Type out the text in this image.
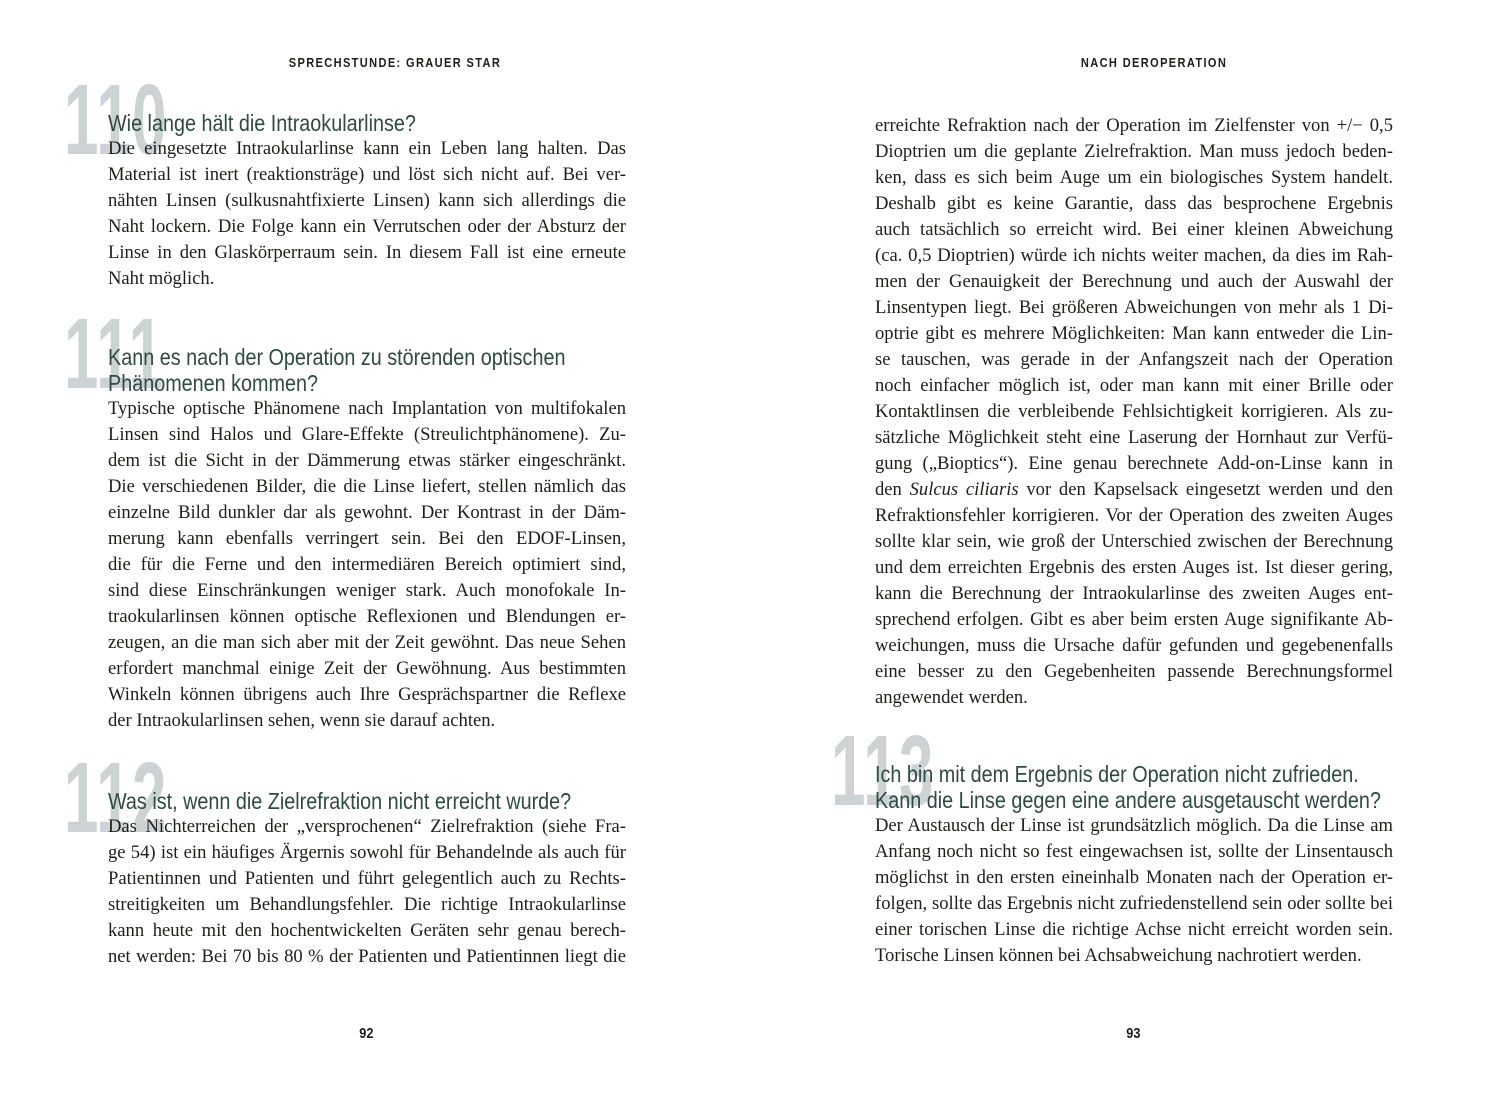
SPRECHSTUNDE: GRAUER STAR	NACH DEROPERATION
110
Wie lange hält die Intraokularlinse?
Die eingesetzte Intraokularlinse kann ein Leben lang halten. Das
Material ist inert (reaktionsträge) und löst sich nicht auf. Bei ver-
nähten Linsen (sulkusnahtfixierte Linsen) kann sich allerdings die
Naht lockern. Die Folge kann ein Verrutschen oder der Absturz der
Linse in den Glaskörperraum sein. In diesem Fall ist eine erneute
Naht möglich.
111
Kann es nach der Operation zu störenden optischen
Phänomenen kommen?
Typische optische Phänomene nach Implantation von multifokalen
Linsen sind Halos und Glare-Effekte (Streulichtphänomene). Zu-
dem ist die Sicht in der Dämmerung etwas stärker eingeschränkt.
Die verschiedenen Bilder, die die Linse liefert, stellen nämlich das
einzelne Bild dunkler dar als gewohnt. Der Kontrast in der Däm-
merung kann ebenfalls verringert sein. Bei den EDOF-Linsen,
die für die Ferne und den intermediären Bereich optimiert sind,
sind diese Einschränkungen weniger stark. Auch monofokale In-
traokularlinsen können optische Reflexionen und Blendungen er-
zeugen, an die man sich aber mit der Zeit gewöhnt. Das neue Sehen
erfordert manchmal einige Zeit der Gewöhnung. Aus bestimmten
Winkeln können übrigens auch Ihre Gesprächspartner die Reflexe
der Intraokularlinsen sehen, wenn sie darauf achten.
112
Was ist, wenn die Zielrefraktion nicht erreicht wurde?
Das Nichterreichen der „versprochenen“ Zielrefraktion (siehe Fra-
ge 54) ist ein häufiges Ärgernis sowohl für Behandelnde als auch für
Patientinnen und Patienten und führt gelegentlich auch zu Rechts-
streitigkeiten um Behandlungsfehler. Die richtige Intraokularlinse
kann heute mit den hochentwickelten Geräten sehr genau berech-
net werden: Bei 70 bis 80 % der Patienten und Patientinnen liegt die
erreichte Refraktion nach der Operation im Zielfenster von +/− 0,5
Dioptrien um die geplante Zielrefraktion. Man muss jedoch beden-
ken, dass es sich beim Auge um ein biologisches System handelt.
Deshalb gibt es keine Garantie, dass das besprochene Ergebnis
auch tatsächlich so erreicht wird. Bei einer kleinen Abweichung
(ca. 0,5 Dioptrien) würde ich nichts weiter machen, da dies im Rah-
men der Genauigkeit der Berechnung und auch der Auswahl der
Linsentypen liegt. Bei größeren Abweichungen von mehr als 1 Di-
optrie gibt es mehrere Möglichkeiten: Man kann entweder die Lin-
se tauschen, was gerade in der Anfangszeit nach der Operation
noch einfacher möglich ist, oder man kann mit einer Brille oder
Kontaktlinsen die verbleibende Fehlsichtigkeit korrigieren. Als zu-
sätzliche Möglichkeit steht eine Laserung der Hornhaut zur Verfü-
gung („Bioptics“). Eine genau berechnete Add-on-Linse kann in
den Sulcus ciliaris vor den Kapselsack eingesetzt werden und den
Refraktionsfehler korrigieren. Vor der Operation des zweiten Auges
sollte klar sein, wie groß der Unterschied zwischen der Berechnung
und dem erreichten Ergebnis des ersten Auges ist. Ist dieser gering,
kann die Berechnung der Intraokularlinse des zweiten Auges ent-
sprechend erfolgen. Gibt es aber beim ersten Auge signifikante Ab-
weichungen, muss die Ursache dafür gefunden und gegebenenfalls
eine besser zu den Gegebenheiten passende Berechnungsformel
angewendet werden.
113
Ich bin mit dem Ergebnis der Operation nicht zufrieden.
Kann die Linse gegen eine andere ausgetauscht werden?
Der Austausch der Linse ist grundsätzlich möglich. Da die Linse am
Anfang noch nicht so fest eingewachsen ist, sollte der Linsentausch
möglichst in den ersten eineinhalb Monaten nach der Operation er-
folgen, sollte das Ergebnis nicht zufriedenstellend sein oder sollte bei
einer torischen Linse die richtige Achse nicht erreicht worden sein.
Torische Linsen können bei Achsabweichung nachrotiert werden.
92	93
